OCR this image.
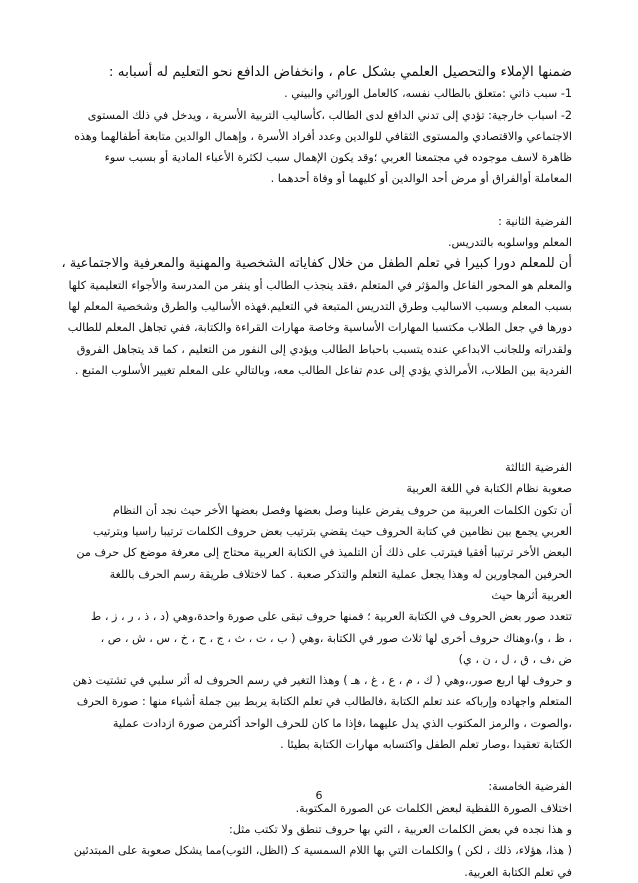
ضمنها الإملاء والتحصيل العلمي بشكل عام ، وانخفاض الدافع نحو التعليم له أسبابه :

1- سبب ذاتي :متعلق بالطالب نفسه، كالعامل الوراثي والبيني .

2- اسباب خارجية: تؤدي إلى تدني الدافع لدى الطالب ،كأساليب التربية الأسرية ، ويدخل في ذلك المستوى

الاجتماعي والاقتصادي والمستوى الثقافي للوالدين وعدد أفراد الأسرة ، وإهمال الوالدين متابعة أطفالهما وهذه

ظاهرة لاسف موجوده في مجتمعنا العربي ؛وقد يكون الإهمال سبب لكثرة الأعباء المادية أو بسبب سوء

المعاملة أوالفراق أو مرض أحد الوالدين أو كليهما أو وفاة أحدهما .

الفرضية الثانية :

المعلم وواسلوبه بالتدريس.

أن للمعلم دورا كبيرا في تعلم الطفل من خلال كفاياته الشخصية والمهنية والمعرفية والاجتماعية ،

والمعلم هو المحور الفاعل والمؤثر في المتعلم ،فقد ينجذب الطالب أو ينفر من المدرسة والأجواء التعليمية كلها

بسبب المعلم وبسبب الاساليب وطرق التدريس المتبعة في التعليم.فهذه الأساليب والطرق وشخصية المعلم لها

دورها في جعل الطلاب مكتسبا المهارات الأساسية وخاصة مهارات القراءة والكتابة، ففي تجاهل المعلم للطالب

ولقدراته وللجانب الابداعي عنده يتسبب باحباط الطالب ويؤدي إلى النفور من التعليم ، كما قد يتجاهل الفروق

الفردية بين الطلاب، الأمرالذي يؤدي إلى عدم تفاعل الطالب معه، وبالتالي على المعلم تغيير الأسلوب المتبع .

الفرضية الثالثة

صعوبة نظام الكتابة في اللغة العربية

أن تكون الكلمات العربية من حروف يفرض علينا وصل بعضها وفصل بعضها الأخر حيث نجد أن النظام

العربي يجمع بين نظامين في كتابة الحروف حيث يقضي بترتيب بعض حروف الكلمات ترتيبا راسيا وبترتيب

البعض الأخر ترتيبا أفقيا فيترتب على ذلك أن التلميذ في الكتابة العربية محتاج إلى معرفة موضع كل حرف من

الحرفين المجاورين له وهذا يجعل عملية التعلم والتذكر صعبة . كما لاختلاف طريقة رسم الحرف باللغة

العربية أثرها حيث

تتعدد صور بعض الحروف في الكتابة العربية ؛ فمنها حروف تبقى على صورة واحدة،وهي (د ، ذ ، ر ، ز ، ط

، ظ ، و)،وهناك حروف أخرى لها ثلاث صور في الكتابة ،وهي ( ب ، ت ، ث ، ج ، ح ، خ ، س ، ش ، ص ،

ض ،ف ، ق ، ل ، ن ، ي)

و حروف لها اربع صور،،وهي ( ك ، م ، ع ، غ ، هـ ) وهذا التغير في رسم الحروف له أثر سلبي في تشتيت ذهن

المتعلم واجهاده وإرباكه عند تعلم الكتابة ،فالطالب في تعلم الكتابة يربط بين جملة أشياء منها : صورة الحرف

،والصوت ، والرمز المكتوب الذي يدل عليهما ،فإذا ما كان للحرف الواحد أكثرمن صورة ازدادت عملية

الكتابة تعقيدا ،وصار تعلم الطفل واكتسابه مهارات الكتابة بطيئا .

الفرضية الخامسة:

اختلاف الصورة اللفظية لبعض الكلمات عن الصورة المكتوبة.

و هذا نجده في بعض الكلمات العربية ، التي بها حروف تنطق ولا تكتب مثل:

( هذا، هؤلاء، ذلك ، لكن ) والكلمات التي بها اللام السمسية كـ (الظل، الثوب)مما يشكل صعوبة على المبتدئين

في تعلم الكتابة العربية.

6
